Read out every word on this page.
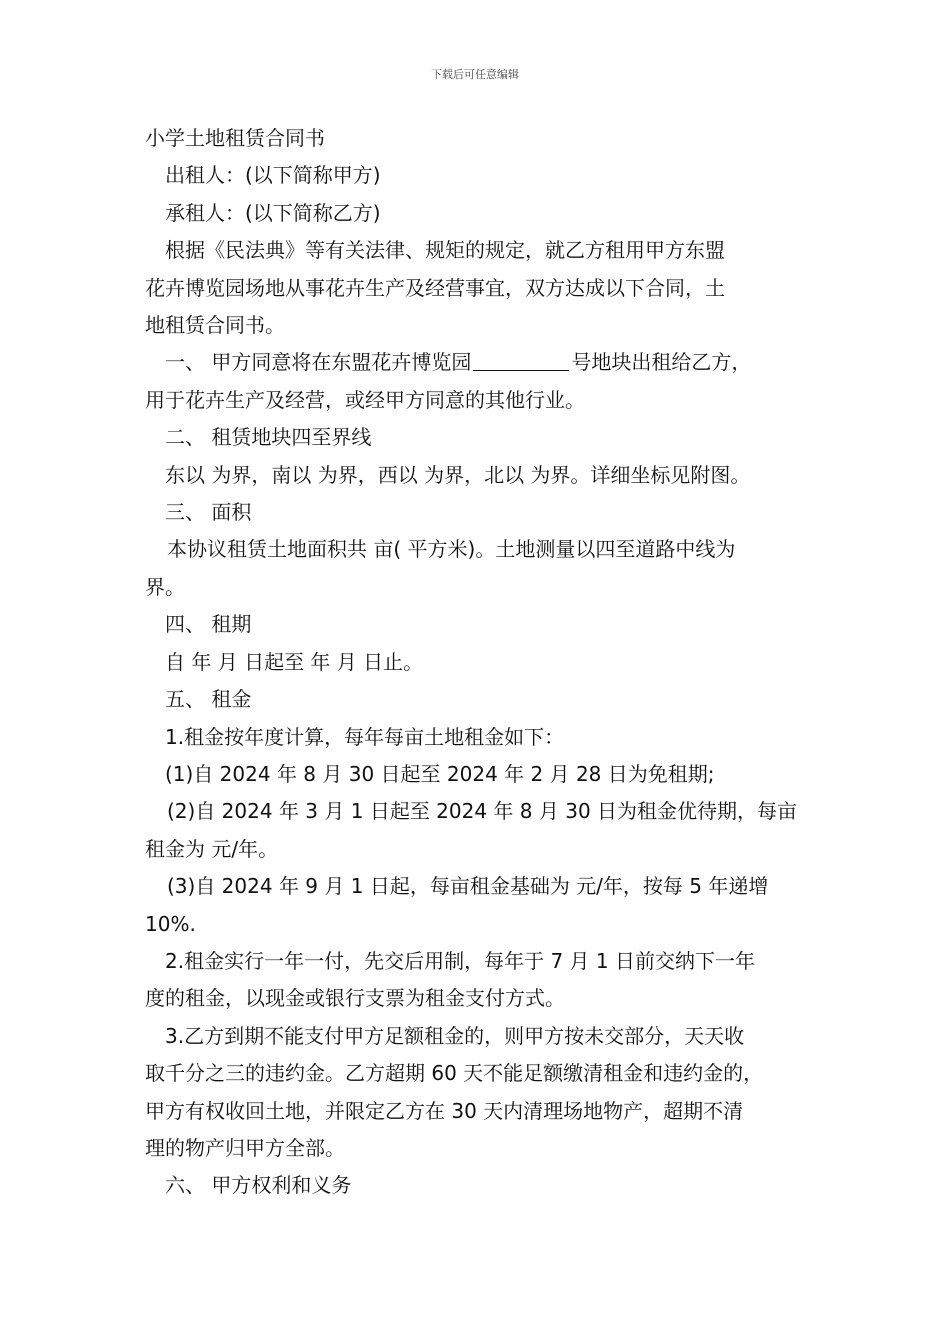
下载后可任意编辑

小学土地租赁合同书

出租人：(以下简称甲方)

承租人：(以下简称乙方)

根据《民法典》等有关法律、规矩的规定，就乙方租用甲方东盟

花卉博览园场地从事花卉生产及经营事宜，双方达成以下合同，土

地租赁合同书。

一、 甲方同意将在东盟花卉博览园	号地块出租给乙方，

用于花卉生产及经营，或经甲方同意的其他行业。

二、 租赁地块四至界线

东以 为界，南以 为界，西以 为界，北以 为界。详细坐标见附图。

三、 面积

本协议租赁土地面积共 亩( 平方米)。土地测量以四至道路中线为

界。

四、 租期

自 年 月 日起至 年 月 日止。

五、 租金

1.租金按年度计算，每年每亩土地租金如下：

(1)自 2024 年 8 月 30 日起至 2024 年 2 月 28 日为免租期;

(2)自 2024 年 3 月 1 日起至 2024 年 8 月 30 日为租金优待期，每亩

租金为 元/年。

(3)自 2024 年 9 月 1 日起，每亩租金基础为 元/年，按每 5 年递增

10%.

2.租金实行一年一付，先交后用制，每年于 7 月 1 日前交纳下一年

度的租金，以现金或银行支票为租金支付方式。

3.乙方到期不能支付甲方足额租金的，则甲方按未交部分，天天收

取千分之三的违约金。乙方超期 60 天不能足额缴清租金和违约金的，

甲方有权收回土地，并限定乙方在 30 天内清理场地物产，超期不清

理的物产归甲方全部。

六、 甲方权利和义务
